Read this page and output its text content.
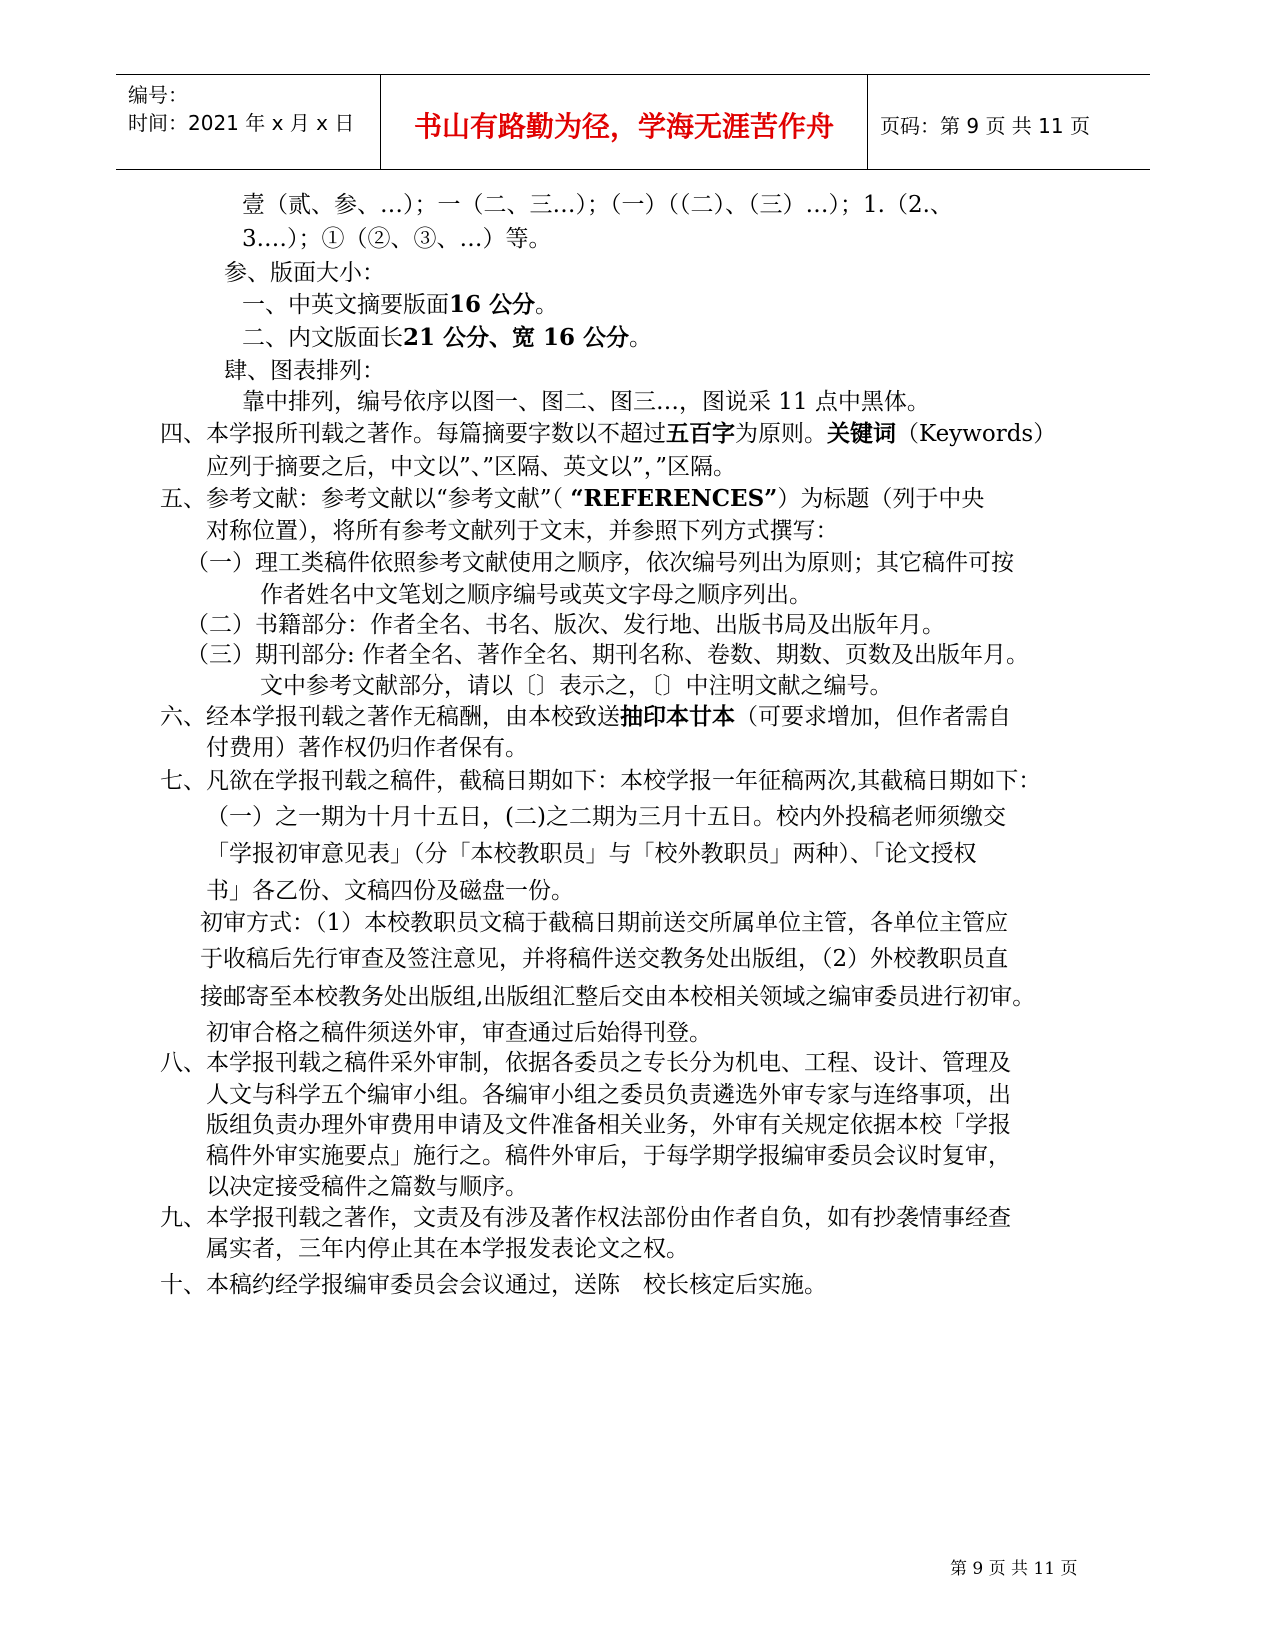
编号：
时间：2021 年 x 月 x 日	书山有路勤为径，学海无涯苦作舟	页码：第 9 页 共 11 页
壹（贰、参、…）；一（二、三…）；（一）（（二）、（三）…）；1.（2.、
3.…）；①（②、③、…）等。
参、版面大小：
一、中英文摘要版面16 公分。
二、内文版面长21 公分、宽 16 公分。
肆、图表排列：
靠中排列，编号依序以图一、图二、图三…，图说采 11 点中黑体。
四、本学报所刊载之著作。每篇摘要字数以不超过五百字为原则。关键词（Keywords）
应列于摘要之后，中文以”、”区隔、英文以”，”区隔。
五、参考文献：参考文献以“参考文献”（ “REFERENCES”）为标题（列于中央
对称位置），将所有参考文献列于文末，并参照下列方式撰写：
（一）理工类稿件依照参考文献使用之顺序，依次编号列出为原则；其它稿件可按
作者姓名中文笔划之顺序编号或英文字母之顺序列出。
（二）书籍部分：作者全名、书名、版次、发行地、出版书局及出版年月。
（三）期刊部分: 作者全名、著作全名、期刊名称、卷数、期数、页数及出版年月。
文中参考文献部分，请以〔〕表示之，〔〕中注明文献之编号。
六、经本学报刊载之著作无稿酬，由本校致送抽印本廿本（可要求增加，但作者需自
付费用）著作权仍归作者保有。
七、凡欲在学报刊载之稿件，截稿日期如下：本校学报一年征稿两次,其截稿日期如下：
（一）之一期为十月十五日，(二)之二期为三月十五日。校内外投稿老师须缴交
「学报初审意见表」（分「本校教职员」与「校外教职员」两种）、「论文授权
书」各乙份、文稿四份及磁盘一份。
初审方式：（1）本校教职员文稿于截稿日期前送交所属单位主管，各单位主管应
于收稿后先行审查及签注意见，并将稿件送交教务处出版组，（2）外校教职员直
接邮寄至本校教务处出版组,出版组汇整后交由本校相关领域之编审委员进行初审。
初审合格之稿件须送外审，审查通过后始得刊登。
八、本学报刊载之稿件采外审制，依据各委员之专长分为机电、工程、设计、管理及
人文与科学五个编审小组。各编审小组之委员负责遴选外审专家与连络事项，出
版组负责办理外审费用申请及文件准备相关业务，外审有关规定依据本校「学报
稿件外审实施要点」施行之。稿件外审后，于每学期学报编审委员会议时复审，
以决定接受稿件之篇数与顺序。
九、本学报刊载之著作，文责及有涉及著作权法部份由作者自负，如有抄袭情事经查
属实者，三年内停止其在本学报发表论文之权。
十、本稿约经学报编审委员会会议通过，送陈　校长核定后实施。
第 9 页 共 11 页
